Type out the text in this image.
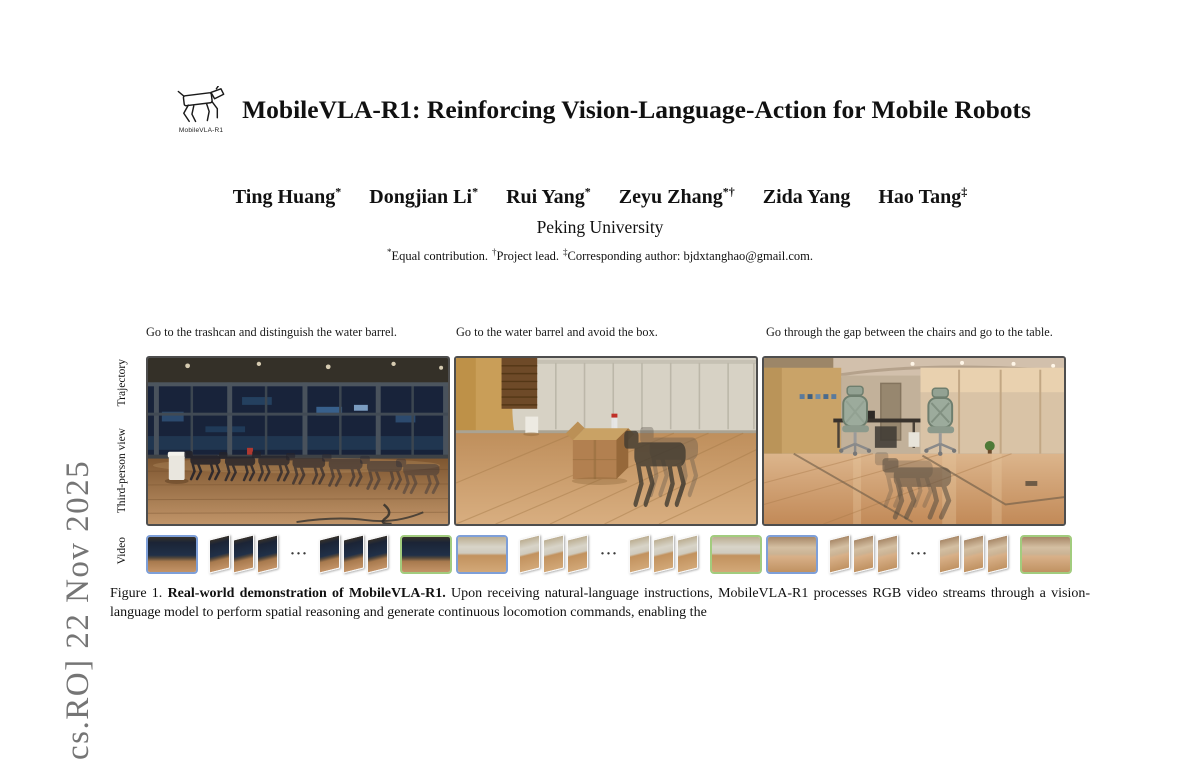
cs.RO] 22 Nov 2025
MobileVLA-R1
MobileVLA-R1: Reinforcing Vision-Language-Action for Mobile Robots
Ting Huang* Dongjian Li* Rui Yang* Zeyu Zhang*† Zida Yang Hao Tang‡
Peking University
*Equal contribution. †Project lead. ‡Corresponding author: bjdxtanghao@gmail.com.
Trajectory
Third-person view
Video
Go to the trashcan and distinguish the water barrel.	Go to the water barrel and avoid the box.	Go through the gap between the chairs and go to the table.
···	···	···
Figure 1. Real-world demonstration of MobileVLA-R1. Upon receiving natural-language instructions, MobileVLA-R1 processes RGB video streams through a vision-language model to perform spatial reasoning and generate continuous locomotion commands, enabling the
